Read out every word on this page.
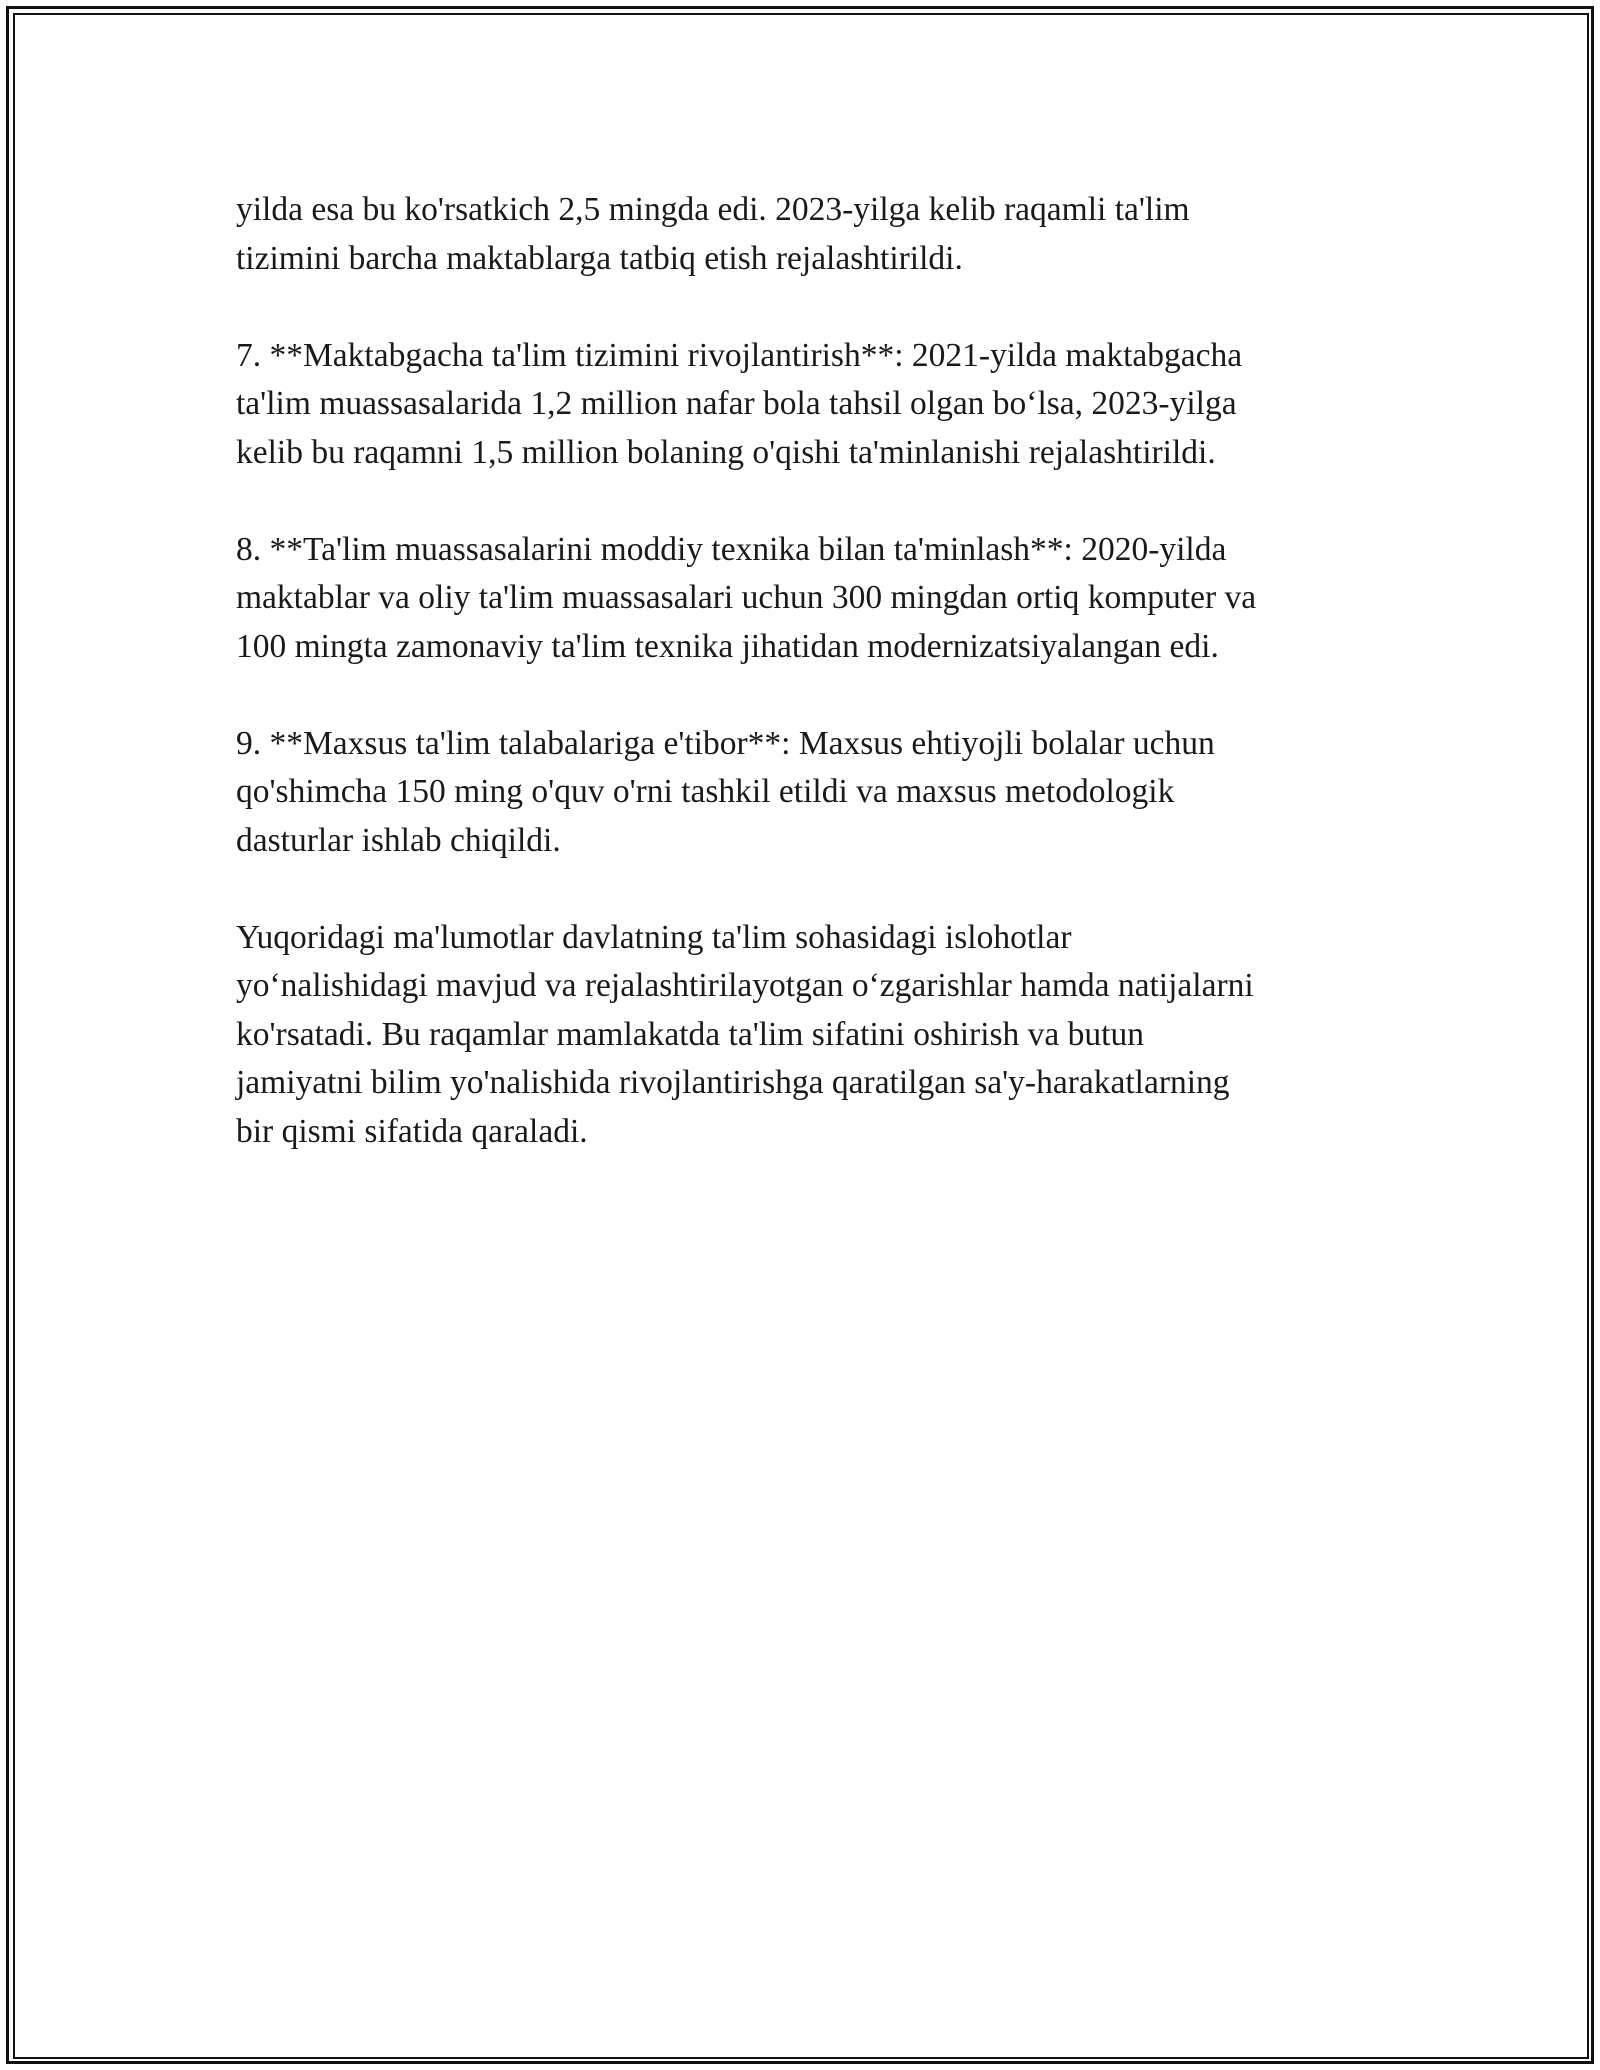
yilda esa bu ko'rsatkich 2,5 mingda edi. 2023-yilga kelib raqamli ta'lim
tizimini barcha maktablarga tatbiq etish rejalashtirildi.

7. **Maktabgacha ta'lim tizimini rivojlantirish**: 2021-yilda maktabgacha
ta'lim muassasalarida 1,2 million nafar bola tahsil olgan bo‘lsa, 2023-yilga
kelib bu raqamni 1,5 million bolaning o'qishi ta'minlanishi rejalashtirildi.

8. **Ta'lim muassasalarini moddiy texnika bilan ta'minlash**: 2020-yilda
maktablar va oliy ta'lim muassasalari uchun 300 mingdan ortiq komputer va
100 mingta zamonaviy ta'lim texnika jihatidan modernizatsiyalangan edi.

9. **Maxsus ta'lim talabalariga e'tibor**: Maxsus ehtiyojli bolalar uchun
qo'shimcha 150 ming o'quv o'rni tashkil etildi va maxsus metodologik
dasturlar ishlab chiqildi.

Yuqoridagi ma'lumotlar davlatning ta'lim sohasidagi islohotlar
yo‘nalishidagi mavjud va rejalashtirilayotgan o‘zgarishlar hamda natijalarni
ko'rsatadi. Bu raqamlar mamlakatda ta'lim sifatini oshirish va butun
jamiyatni bilim yo'nalishida rivojlantirishga qaratilgan sa'y-harakatlarning
bir qismi sifatida qaraladi.
